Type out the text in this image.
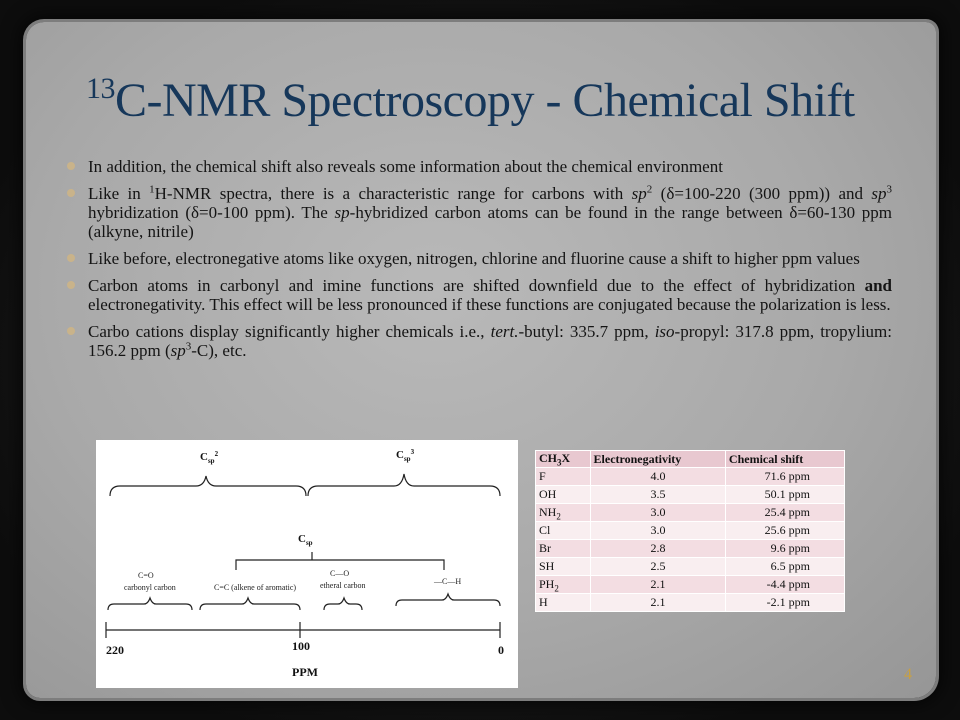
$^{13}$C-NMR Spectroscopy - Chemical Shift
In addition, the chemical shift also reveals some information about the chemical environment
Like in $^1$H-NMR spectra, there is a characteristic range for carbons with $sp^2$ (δ=100-220 (300 ppm)) and $sp^3$ hybridization (δ=0-100 ppm). The sp-hybridized carbon atoms can be found in the range between δ=60-130 ppm (alkyne, nitrile)
Like before, electronegative atoms like oxygen, nitrogen, chlorine and fluorine cause a shift to higher ppm values
Carbon atoms in carbonyl and imine functions are shifted downfield due to the effect of hybridization and electronegativity. This effect will be less pronounced if these functions are conjugated because the polarization is less.
Carbo cations display significantly higher chemicals i.e., tert.-butyl: 335.7 ppm, iso-propyl: 317.8 ppm, tropylium: 156.2 ppm $(sp^3-C)$, etc.
$C_{sp}^2$	$C_{sp}^3$
$C_{sp}$
C=O
carbonyl carbon	C=C (alkene of aromatic)
C—O
etheral carbon	—C—H
220	100	0
PPM
$CH_3X$	Electronegativity	Chemical shift
F	4.0	71.6 ppm
OH	3.5	50.1 ppm
$NH_2$	3.0	25.4 ppm
Cl	3.0	25.6 ppm
Br	2.8	9.6 ppm
SH	2.5	6.5 ppm
$PH_2$	2.1	-4.4 ppm
H	2.1	-2.1 ppm
4
